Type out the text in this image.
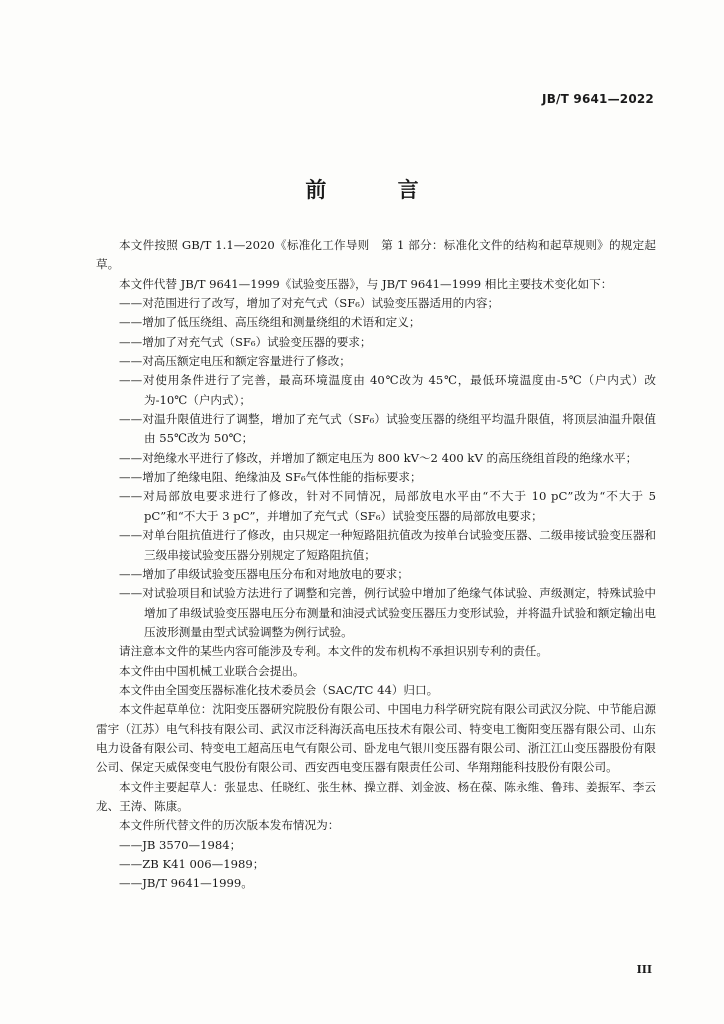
JB/T 9641—2022
前 言

本文件按照 GB/T 1.1—2020《标准化工作导则　第 1 部分：标准化文件的结构和起草规则》的规定起草。

本文件代替 JB/T 9641—1999《试验变压器》，与 JB/T 9641—1999 相比主要技术变化如下：

——对范围进行了改写，增加了对充气式（SF₆）试验变压器适用的内容；

——增加了低压绕组、高压绕组和测量绕组的术语和定义；

——增加了对充气式（SF₆）试验变压器的要求；

——对高压额定电压和额定容量进行了修改；

——对使用条件进行了完善，最高环境温度由 40℃改为 45℃，最低环境温度由-5℃（户内式）改为-10℃（户内式）；

——对温升限值进行了调整，增加了充气式（SF₆）试验变压器的绕组平均温升限值，将顶层油温升限值由 55℃改为 50℃；

——对绝缘水平进行了修改，并增加了额定电压为 800 kV～2 400 kV 的高压绕组首段的绝缘水平；

——增加了绝缘电阻、绝缘油及 SF₆气体性能的指标要求；

——对局部放电要求进行了修改，针对不同情况，局部放电水平由“不大于 10 pC”改为“不大于 5 pC”和“不大于 3 pC”，并增加了充气式（SF₆）试验变压器的局部放电要求；

——对单台阻抗值进行了修改，由只规定一种短路阻抗值改为按单台试验变压器、二级串接试验变压器和三级串接试验变压器分别规定了短路阻抗值；

——增加了串级试验变压器电压分布和对地放电的要求；

——对试验项目和试验方法进行了调整和完善，例行试验中增加了绝缘气体试验、声级测定，特殊试验中增加了串级试验变压器电压分布测量和油浸式试验变压器压力变形试验，并将温升试验和额定输出电压波形测量由型式试验调整为例行试验。

请注意本文件的某些内容可能涉及专利。本文件的发布机构不承担识别专利的责任。

本文件由中国机械工业联合会提出。

本文件由全国变压器标准化技术委员会（SAC/TC 44）归口。

本文件起草单位：沈阳变压器研究院股份有限公司、中国电力科学研究院有限公司武汉分院、中节能启源雷宇（江苏）电气科技有限公司、武汉市泛科海沃高电压技术有限公司、特变电工衡阳变压器有限公司、山东电力设备有限公司、特变电工超高压电气有限公司、卧龙电气银川变压器有限公司、浙江江山变压器股份有限公司、保定天威保变电气股份有限公司、西安西电变压器有限责任公司、华翔翔能科技股份有限公司。

本文件主要起草人：张显忠、任晓红、张生林、操立群、刘金波、杨在葆、陈永维、鲁玮、姜振军、李云龙、王涛、陈康。

本文件所代替文件的历次版本发布情况为：

——JB 3570—1984；

——ZB K41 006—1989；

——JB/T 9641—1999。

III
